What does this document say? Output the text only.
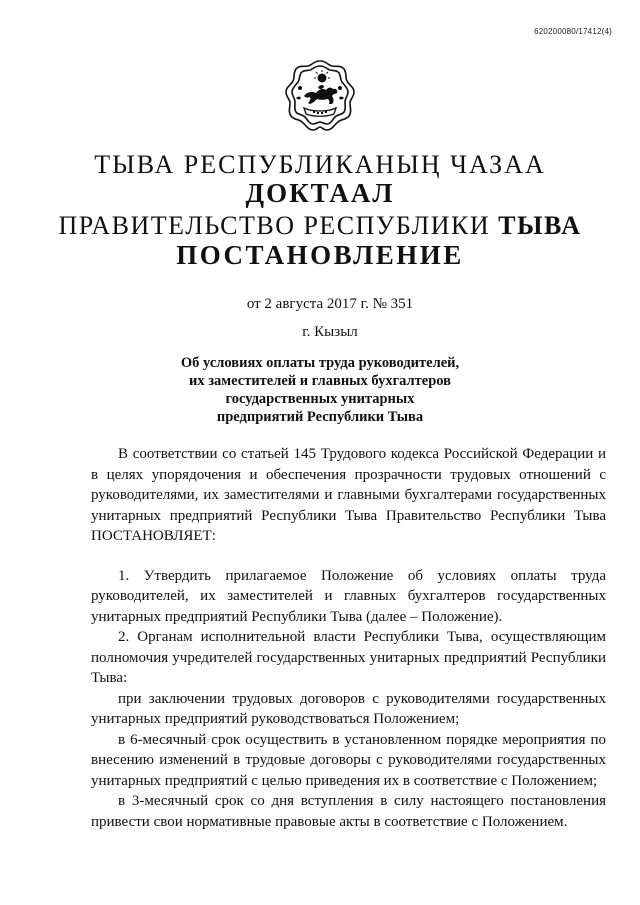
620200080/17412(4)
ТЫВА РЕСПУБЛИКАНЫҢ ЧАЗАА
ДОКТААЛ
ПРАВИТЕЛЬСТВО РЕСПУБЛИКИ ТЫВА
ПОСТАНОВЛЕНИЕ
от 2 августа 2017 г. № 351
г. Кызыл
Об условиях оплаты труда руководителей,
их заместителей и главных бухгалтеров
государственных унитарных
предприятий Республики Тыва

В соответствии со статьей 145 Трудового кодекса Российской Федерации и в целях упорядочения и обеспечения прозрачности трудовых отношений с руководителями, их заместителями и главными бухгалтерами государственных унитарных предприятий Республики Тыва Правительство Республики Тыва ПОСТАНОВЛЯЕТ:

1. Утвердить прилагаемое Положение об условиях оплаты труда руководителей, их заместителей и главных бухгалтеров государственных унитарных предприятий Республики Тыва (далее – Положение).

2. Органам исполнительной власти Республики Тыва, осуществляющим полномочия учредителей государственных унитарных предприятий Республики Тыва:

при заключении трудовых договоров с руководителями государственных унитарных предприятий руководствоваться Положением;

в 6-месячный срок осуществить в установленном порядке мероприятия по внесению изменений в трудовые договоры с руководителями государственных унитарных предприятий с целью приведения их в соответствие с Положением;

в 3-месячный срок со дня вступления в силу настоящего постановления привести свои нормативные правовые акты в соответствие с Положением.
